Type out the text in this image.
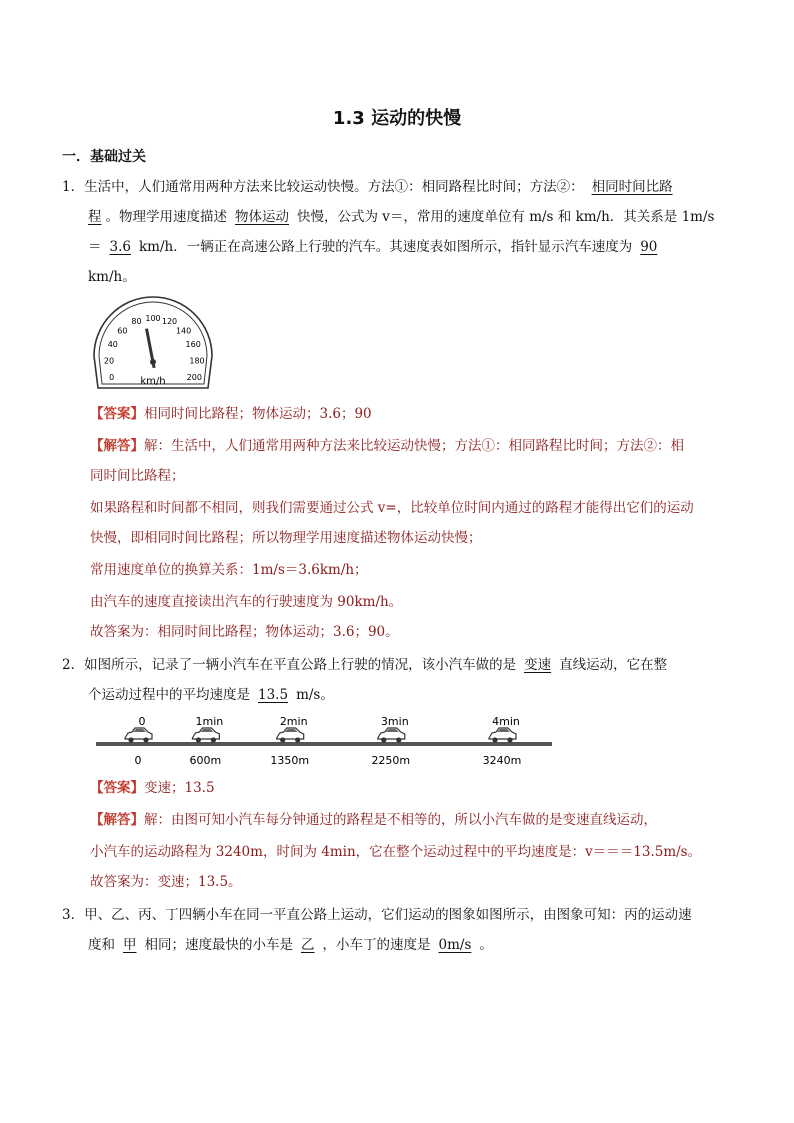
1.3 运动的快慢
一．基础过关
1．生活中，人们通常用两种方法来比较运动快慢。方法①：相同路程比时间；方法②： 相同时间比路
程 。物理学用速度描述 物体运动 快慢，公式为 v＝，常用的速度单位有 m/s 和 km/h．其关系是 1m/s
＝ 3.6 km/h．一辆正在高速公路上行驶的汽车。其速度表如图所示，指针显示汽车速度为 90
km/h。
0
20
40
60
80 100 120
140
160
180
200
km/h
【答案】相同时间比路程；物体运动；3.6；90
【解答】解：生活中，人们通常用两种方法来比较运动快慢；方法①：相同路程比时间；方法②：相
同时间比路程；
如果路程和时间都不相同，则我们需要通过公式 v=，比较单位时间内通过的路程才能得出它们的运动
快慢，即相同时间比路程；所以物理学用速度描述物体运动快慢；
常用速度单位的换算关系：1m/s＝3.6km/h；
由汽车的速度直接读出汽车的行驶速度为 90km/h。
故答案为：相同时间比路程；物体运动；3.6；90。
2．如图所示，记录了一辆小汽车在平直公路上行驶的情况，该小汽车做的是 变速 直线运动，它在整
个运动过程中的平均速度是 13.5 m/s。
0
0
1min
600m
2min
1350m
3min
2250m
4min
3240m
【答案】变速；13.5
【解答】解：由图可知小汽车每分钟通过的路程是不相等的，所以小汽车做的是变速直线运动，
小汽车的运动路程为 3240m，时间为 4min，它在整个运动过程中的平均速度是：v＝＝＝13.5m/s。
故答案为：变速；13.5。
3．甲、乙、丙、丁四辆小车在同一平直公路上运动，它们运动的图象如图所示，由图象可知：丙的运动速
度和 甲 相同；速度最快的小车是 乙 ，小车丁的速度是 0m/s 。
